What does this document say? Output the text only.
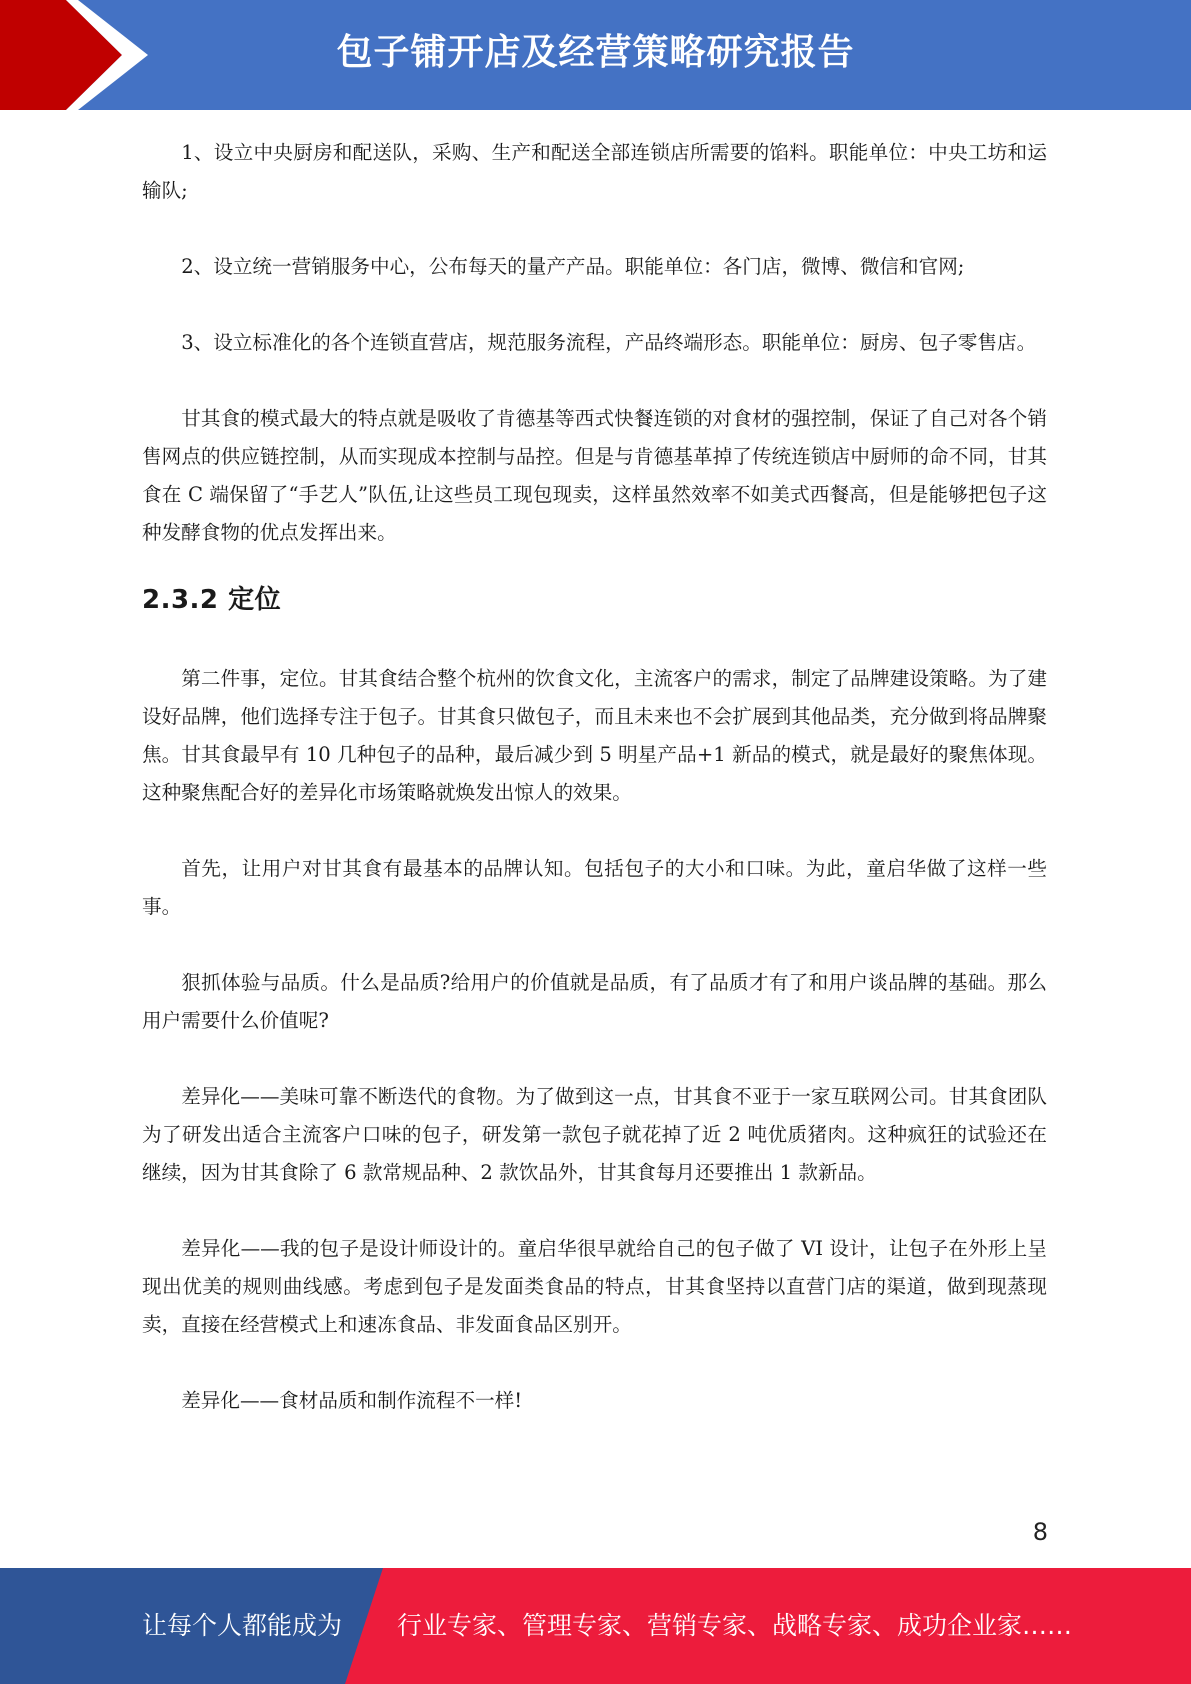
包子铺开店及经营策略研究报告

1、设立中央厨房和配送队，采购、生产和配送全部连锁店所需要的馅料。职能单位：中央工坊和运输队;

2、设立统一营销服务中心，公布每天的量产产品。职能单位：各门店，微博、微信和官网;

3、设立标准化的各个连锁直营店，规范服务流程，产品终端形态。职能单位：厨房、包子零售店。

甘其食的模式最大的特点就是吸收了肯德基等西式快餐连锁的对食材的强控制，保证了自己对各个销售网点的供应链控制，从而实现成本控制与品控。但是与肯德基革掉了传统连锁店中厨师的命不同，甘其食在 C 端保留了“手艺人”队伍,让这些员工现包现卖，这样虽然效率不如美式西餐高，但是能够把包子这种发酵食物的优点发挥出来。

2.3.2 定位

第二件事，定位。甘其食结合整个杭州的饮食文化，主流客户的需求，制定了品牌建设策略。为了建设好品牌，他们选择专注于包子。甘其食只做包子，而且未来也不会扩展到其他品类，充分做到将品牌聚焦。甘其食最早有 10 几种包子的品种，最后减少到 5 明星产品+1 新品的模式，就是最好的聚焦体现。这种聚焦配合好的差异化市场策略就焕发出惊人的效果。

首先，让用户对甘其食有最基本的品牌认知。包括包子的大小和口味。为此，童启华做了这样一些事。

狠抓体验与品质。什么是品质?给用户的价值就是品质，有了品质才有了和用户谈品牌的基础。那么用户需要什么价值呢?

差异化——美味可靠不断迭代的食物。为了做到这一点，甘其食不亚于一家互联网公司。甘其食团队为了研发出适合主流客户口味的包子，研发第一款包子就花掉了近 2 吨优质猪肉。这种疯狂的试验还在继续，因为甘其食除了 6 款常规品种、2 款饮品外，甘其食每月还要推出 1 款新品。

差异化——我的包子是设计师设计的。童启华很早就给自己的包子做了 VI 设计，让包子在外形上呈现出优美的规则曲线感。考虑到包子是发面类食品的特点，甘其食坚持以直营门店的渠道，做到现蒸现卖，直接在经营模式上和速冻食品、非发面食品区别开。

差异化——食材品质和制作流程不一样!

8
让每个人都能成为 行业专家、管理专家、营销专家、战略专家、成功企业家……
